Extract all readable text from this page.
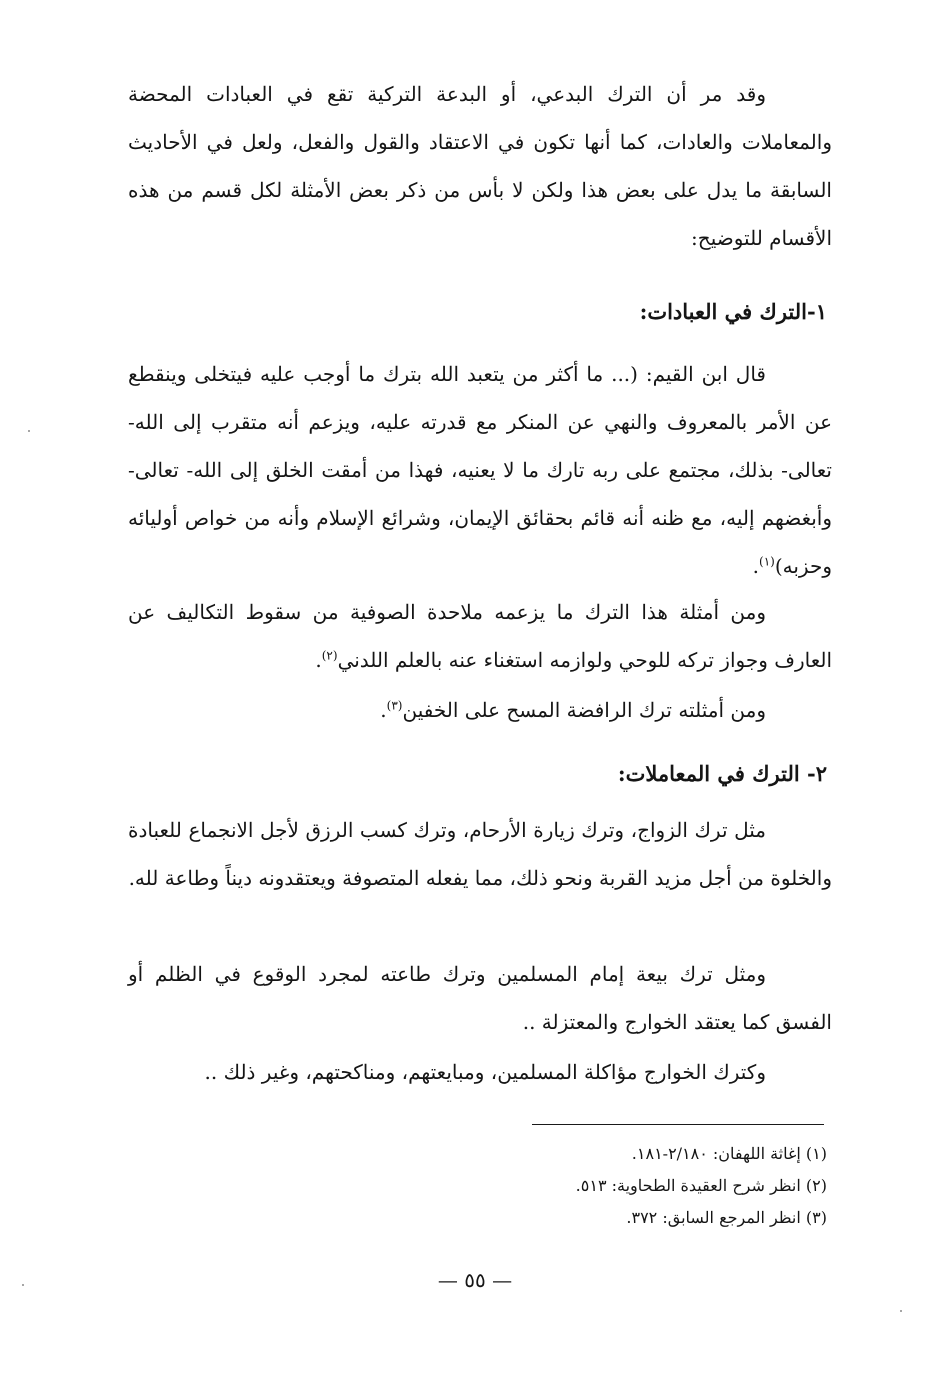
وقد مر أن الترك البدعي، أو البدعة التركية تقع في العبادات المحضة والمعاملات والعادات، كما أنها تكون في الاعتقاد والقول والفعل، ولعل في الأحاديث السابقة ما يدل على بعض هذا ولكن لا بأس من ذكر بعض الأمثلة لكل قسم من هذه الأقسام للتوضيح:

١-الترك في العبادات:

قال ابن القيم: (... ما أكثر من يتعبد الله بترك ما أوجب عليه فيتخلى وينقطع عن الأمر بالمعروف والنهي عن المنكر مع قدرته عليه، ويزعم أنه متقرب إلى الله- تعالى- بذلك، مجتمع على ربه تارك ما لا يعنيه، فهذا من أمقت الخلق إلى الله- تعالى- وأبغضهم إليه، مع ظنه أنه قائم بحقائق الإيمان، وشرائع الإسلام وأنه من خواص أوليائه وحزبه)$^{(١)}$.

ومن أمثلة هذا الترك ما يزعمه ملاحدة الصوفية من سقوط التكاليف عن العارف وجواز تركه للوحي ولوازمه استغناء عنه بالعلم اللدني$^{(٢)}$.

ومن أمثلته ترك الرافضة المسح على الخفين$^{(٣)}$.

٢- الترك في المعاملات:

مثل ترك الزواج، وترك زيارة الأرحام، وترك كسب الرزق لأجل الانجماع للعبادة والخلوة من أجل مزيد القربة ونحو ذلك، مما يفعله المتصوفة ويعتقدونه ديناً وطاعة لله.

ومثل ترك بيعة إمام المسلمين وترك طاعته لمجرد الوقوع في الظلم أو الفسق كما يعتقد الخوارج والمعتزلة ..

وكترك الخوارج مؤاكلة المسلمين، ومبايعتهم، ومناكحتهم، وغير ذلك ..

(١) إغاثة اللهفان: ٢/١٨٠-١٨١.
(٢) انظر شرح العقيدة الطحاوية: ٥١٣.
(٣) انظر المرجع السابق: ٣٧٢.
— ٥٥ —
